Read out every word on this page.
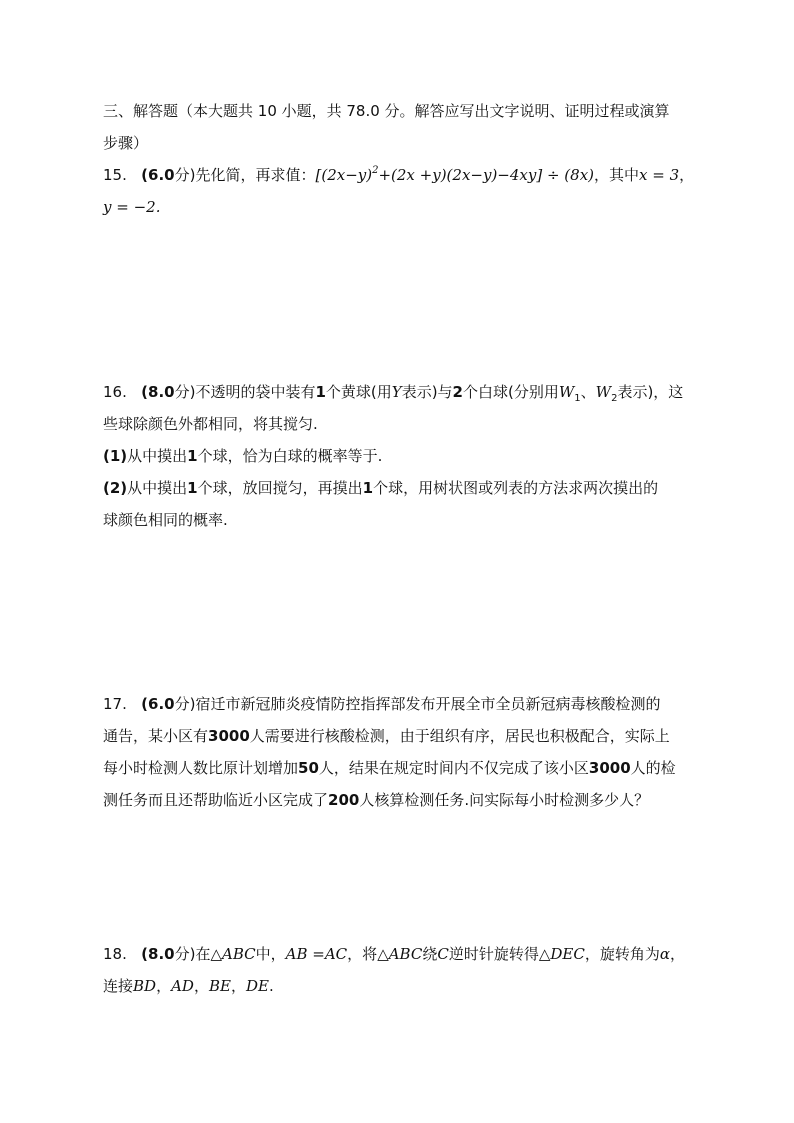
三、解答题（本大题共 10 小题，共 78.0 分。解答应写出文字说明、证明过程或演算
步骤）
15. (6.0分)先化简，再求值：$[(2x-y)^2+(2x +y)(2x-y)-4xy] \div (8x)$，其中x = 3，
y = −2.
16. (8.0分)不透明的袋中装有1个黄球(用Y表示)与2个白球(分别用$W_1$、$W_2$表示)，这
些球除颜色外都相同，将其搅匀.
(1)从中摸出1个球，恰为白球的概率等于.
(2)从中摸出1个球，放回搅匀，再摸出1个球，用树状图或列表的方法求两次摸出的
球颜色相同的概率.
17. (6.0分)宿迁市新冠肺炎疫情防控指挥部发布开展全市全员新冠病毒核酸检测的
通告，某小区有3000人需要进行核酸检测，由于组织有序，居民也积极配合，实际上
每小时检测人数比原计划增加50人，结果在规定时间内不仅完成了该小区3000人的检
测任务而且还帮助临近小区完成了200人核算检测任务.问实际每小时检测多少人？
18. (8.0分)在△ABC中，AB =AC，将△ABC绕C逆时针旋转得△DEC，旋转角为α，
连接BD，AD，BE，DE.
